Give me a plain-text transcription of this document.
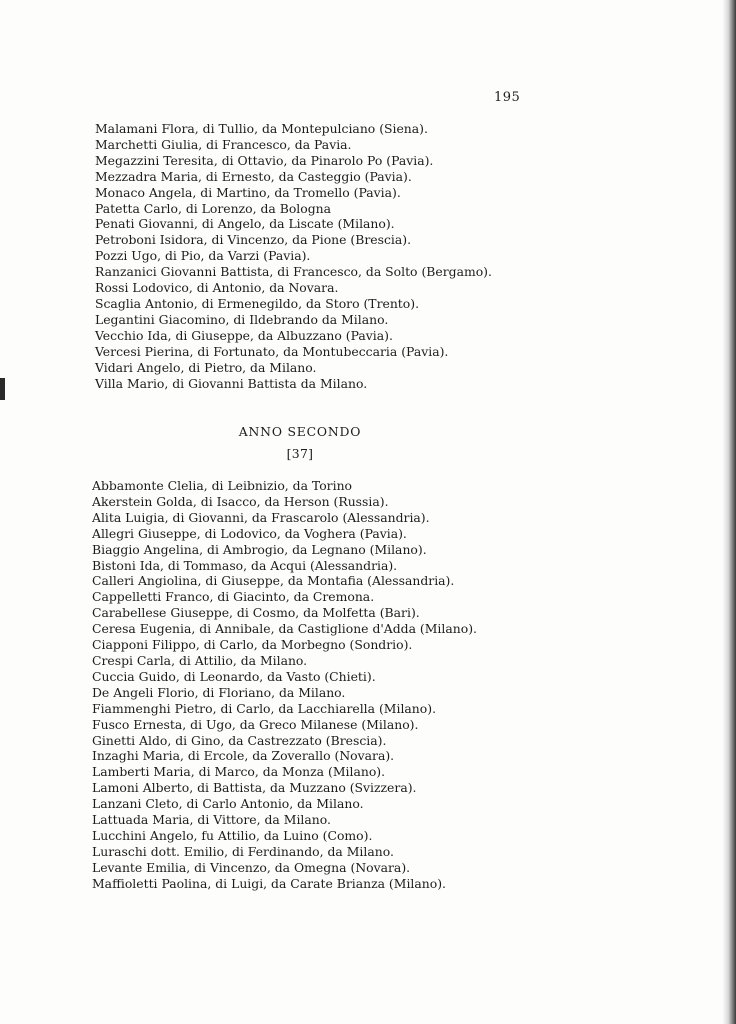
195
Malamani Flora, di Tullio, da Montepulciano (Siena).
Marchetti Giulia, di Francesco, da Pavia.
Megazzini Teresita, di Ottavio, da Pinarolo Po (Pavia).
Mezzadra Maria, di Ernesto, da Casteggio (Pavia).
Monaco Angela, di Martino, da Tromello (Pavia).
Patetta Carlo, di Lorenzo, da Bologna
Penati Giovanni, di Angelo, da Liscate (Milano).
Petroboni Isidora, di Vincenzo, da Pione (Brescia).
Pozzi Ugo, di Pio, da Varzi (Pavia).
Ranzanici Giovanni Battista, di Francesco, da Solto (Bergamo).
Rossi Lodovico, di Antonio, da Novara.
Scaglia Antonio, di Ermenegildo, da Storo (Trento).
Legantini Giacomino, di Ildebrando da Milano.
Vecchio Ida, di Giuseppe, da Albuzzano (Pavia).
Vercesi Pierina, di Fortunato, da Montubeccaria (Pavia).
Vidari Angelo, di Pietro, da Milano.
Villa Mario, di Giovanni Battista da Milano.
ANNO SECONDO
[37]
Abbamonte Clelia, di Leibnizio, da Torino
Akerstein Golda, di Isacco, da Herson (Russia).
Alita Luigia, di Giovanni, da Frascarolo (Alessandria).
Allegri Giuseppe, di Lodovico, da Voghera (Pavia).
Biaggio Angelina, di Ambrogio, da Legnano (Milano).
Bistoni Ida, di Tommaso, da Acqui (Alessandria).
Calleri Angiolina, di Giuseppe, da Montafia (Alessandria).
Cappelletti Franco, di Giacinto, da Cremona.
Carabellese Giuseppe, di Cosmo, da Molfetta (Bari).
Ceresa Eugenia, di Annibale, da Castiglione d'Adda (Milano).
Ciapponi Filippo, di Carlo, da Morbegno (Sondrio).
Crespi Carla, di Attilio, da Milano.
Cuccia Guido, di Leonardo, da Vasto (Chieti).
De Angeli Florio, di Floriano, da Milano.
Fiammenghi Pietro, di Carlo, da Lacchiarella (Milano).
Fusco Ernesta, di Ugo, da Greco Milanese (Milano).
Ginetti Aldo, di Gino, da Castrezzato (Brescia).
Inzaghi Maria, di Ercole, da Zoverallo (Novara).
Lamberti Maria, di Marco, da Monza (Milano).
Lamoni Alberto, di Battista, da Muzzano (Svizzera).
Lanzani Cleto, di Carlo Antonio, da Milano.
Lattuada Maria, di Vittore, da Milano.
Lucchini Angelo, fu Attilio, da Luino (Como).
Luraschi dott. Emilio, di Ferdinando, da Milano.
Levante Emilia, di Vincenzo, da Omegna (Novara).
Maffioletti Paolina, di Luigi, da Carate Brianza (Milano).
